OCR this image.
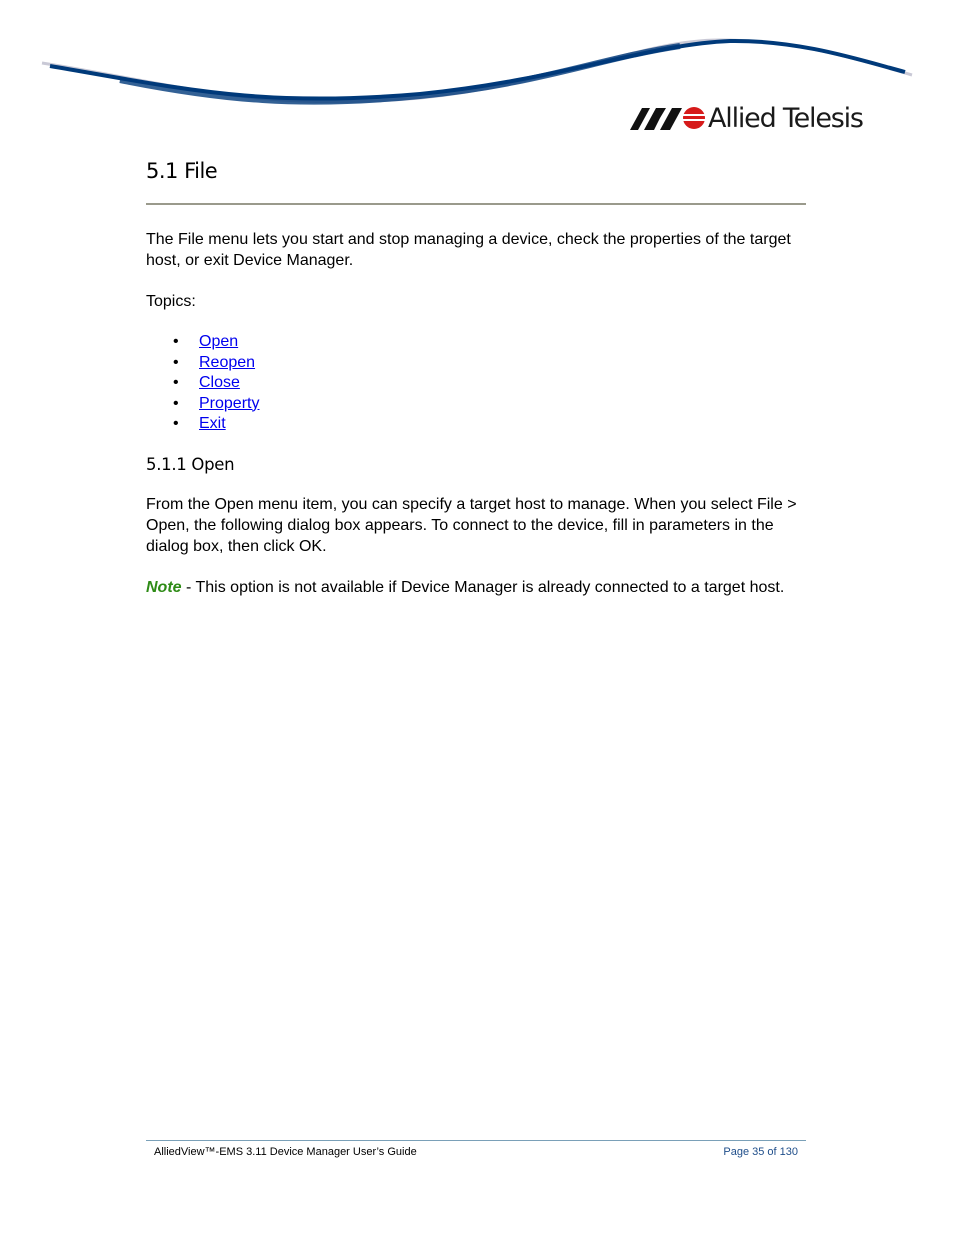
Allied Telesis
5.1 File

The File menu lets you start and stop managing a device, check the properties of the target host, or exit Device Manager.

Topics:

• Open
• Reopen
• Close
• Property
• Exit
5.1.1 Open

From the Open menu item, you can specify a target host to manage. When you select File > Open, the following dialog box appears. To connect to the device, fill in parameters in the dialog box, then click OK.

Note - This option is not available if Device Manager is already connected to a target host.

AlliedView™-EMS 3.11 Device Manager User’s Guide	Page 35 of 130
